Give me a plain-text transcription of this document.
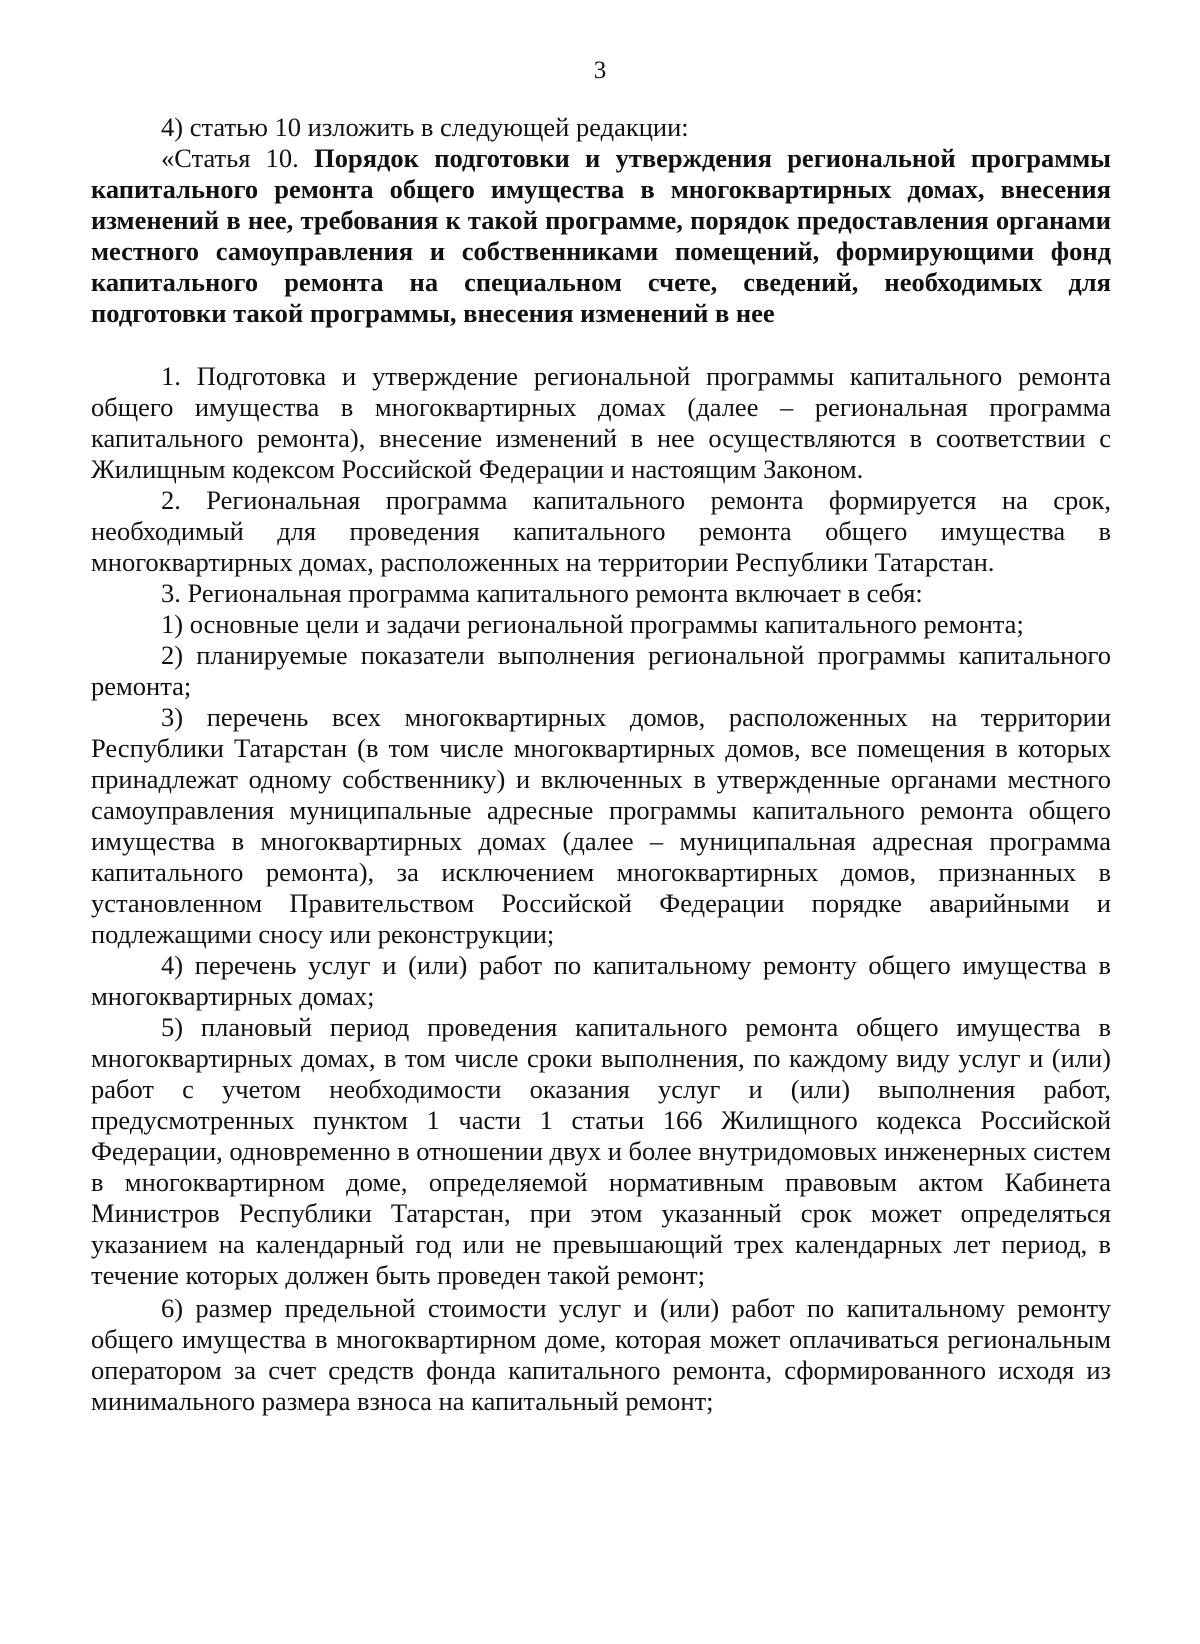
3

4) статью 10 изложить в следующей редакции:

«Статья 10. Порядок подготовки и утверждения региональной программы капитального ремонта общего имущества в многоквартирных домах, внесения изменений в нее, требования к такой программе, порядок предоставления органами местного самоуправления и собственниками помещений, формирующими фонд капитального ремонта на специальном счете, сведений, необходимых для подготовки такой программы, внесения изменений в нее

1. Подготовка и утверждение региональной программы капитального ремонта общего имущества в многоквартирных домах (далее – региональная программа капитального ремонта), внесение изменений в нее осуществляются в соответствии с Жилищным кодексом Российской Федерации и настоящим Законом.

2. Региональная программа капитального ремонта формируется на срок, необходимый для проведения капитального ремонта общего имущества в многоквартирных домах, расположенных на территории Республики Татарстан.

3. Региональная программа капитального ремонта включает в себя:

1) основные цели и задачи региональной программы капитального ремонта;

2) планируемые показатели выполнения региональной программы капитального ремонта;

3) перечень всех многоквартирных домов, расположенных на территории Республики Татарстан (в том числе многоквартирных домов, все помещения в которых принадлежат одному собственнику) и включенных в утвержденные органами местного самоуправления муниципальные адресные программы капитального ремонта общего имущества в многоквартирных домах (далее – муниципальная адресная программа капитального ремонта), за исключением многоквартирных домов, признанных в установленном Правительством Российской Федерации порядке аварийными и подлежащими сносу или реконструкции;

4) перечень услуг и (или) работ по капитальному ремонту общего имущества в многоквартирных домах;

5) плановый период проведения капитального ремонта общего имущества в многоквартирных домах, в том числе сроки выполнения, по каждому виду услуг и (или) работ с учетом необходимости оказания услуг и (или) выполнения работ, предусмотренных пунктом 1 части 1 статьи 166 Жилищного кодекса Российской Федерации, одновременно в отношении двух и более внутридомовых инженерных систем в многоквартирном доме, определяемой нормативным правовым актом Кабинета Министров Республики Татарстан, при этом указанный срок может определяться указанием на календарный год или не превышающий трех календарных лет период, в течение которых должен быть проведен такой ремонт;

6) размер предельной стоимости услуг и (или) работ по капитальному ремонту общего имущества в многоквартирном доме, которая может оплачиваться региональным оператором за счет средств фонда капитального ремонта, сформированного исходя из минимального размера взноса на капитальный ремонт;
